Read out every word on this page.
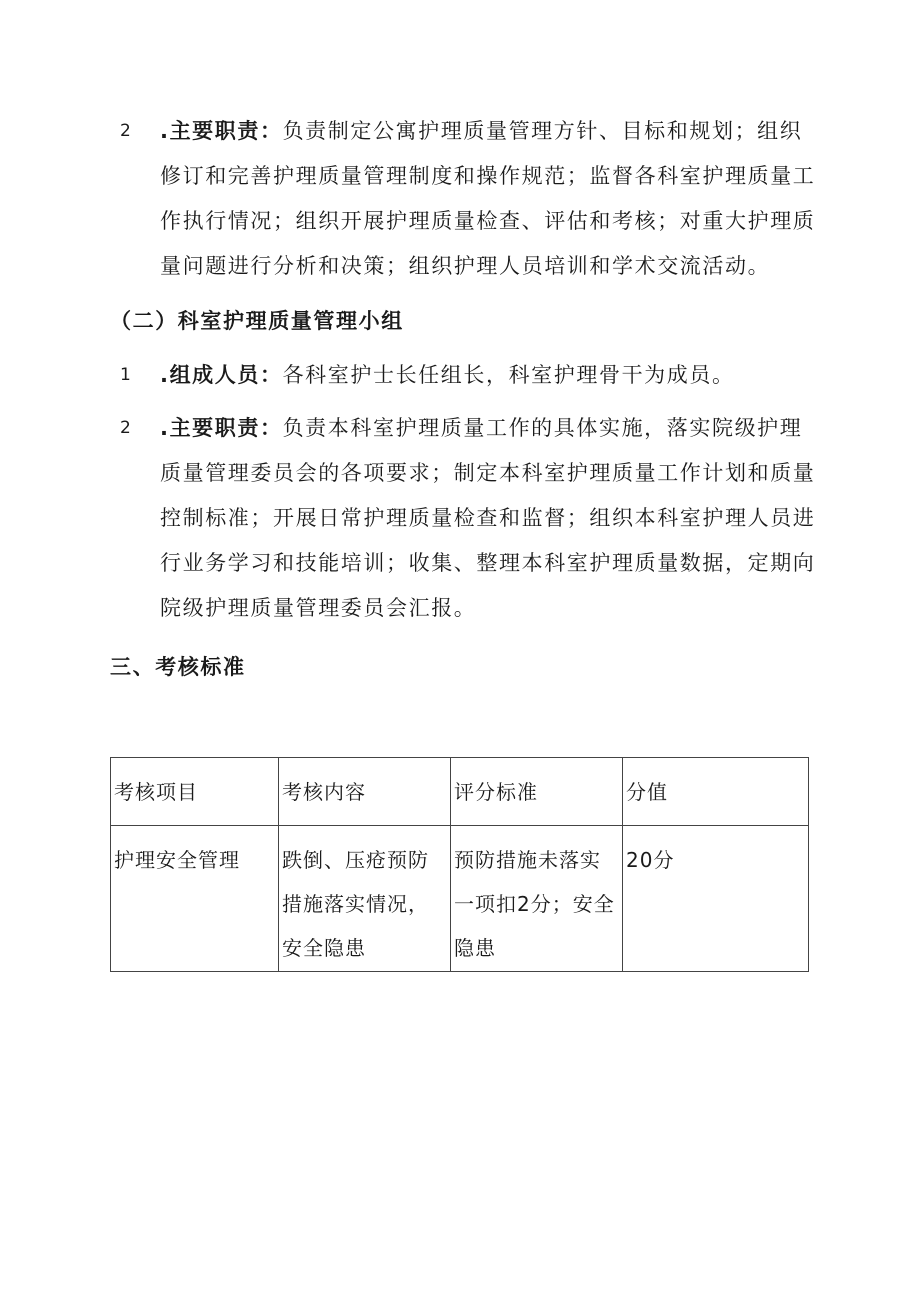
2	.主要职责：负责制定公寓护理质量管理方针、目标和规划；组织修订和完善护理质量管理制度和操作规范；监督各科室护理质量工作执行情况；组织开展护理质量检查、评估和考核；对重大护理质量问题进行分析和决策；组织护理人员培训和学术交流活动。
（二）科室护理质量管理小组
1	.组成人员：各科室护士长任组长，科室护理骨干为成员。
2	.主要职责：负责本科室护理质量工作的具体实施，落实院级护理质量管理委员会的各项要求；制定本科室护理质量工作计划和质量控制标准；开展日常护理质量检查和监督；组织本科室护理人员进行业务学习和技能培训；收集、整理本科室护理质量数据，定期向院级护理质量管理委员会汇报。
三、考核标准
考核项目	考核内容	评分标准	分值
护理安全管理	跌倒、压疮预防措施落实情况，安全隐患	预防措施未落实一项扣2分；安全隐患	20分
